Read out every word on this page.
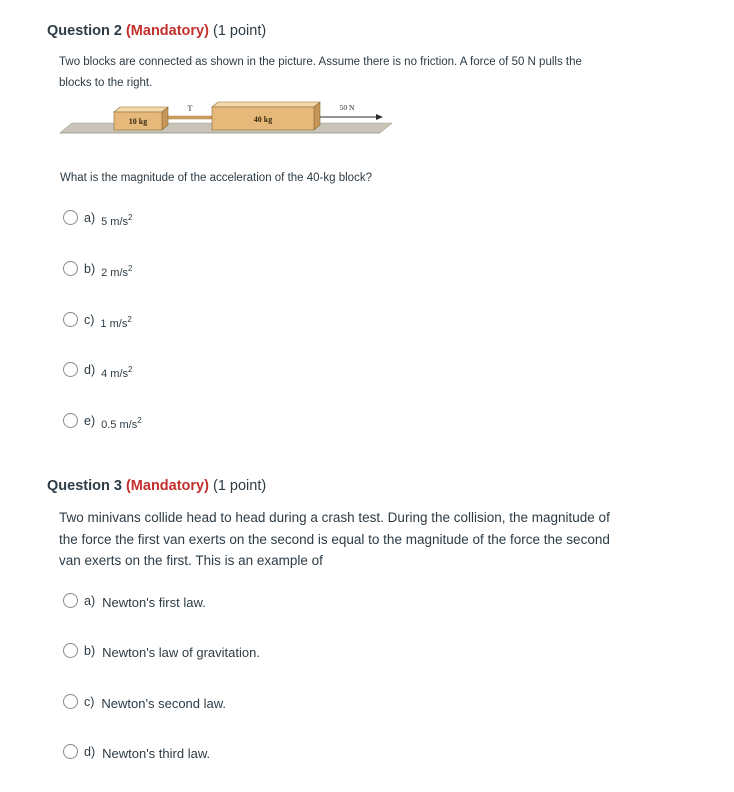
Question 2 (Mandatory) (1 point)
Two blocks are connected as shown in the picture. Assume there is no friction. A force of 50 N pulls the blocks to the right.
10 kg
T
40 kg
50 N
What is the magnitude of the acceleration of the 40-kg block?
a) 5 $m/s^2$
b) 2 $m/s^2$
c) 1 $m/s^2$
d) 4 $m/s^2$
e) 0.5 $m/s^2$
Question 3 (Mandatory) (1 point)
Two minivans collide head to head during a crash test. During the collision, the magnitude of the force the first van exerts on the second is equal to the magnitude of the force the second van exerts on the first. This is an example of
a) Newton's first law.
b) Newton's law of gravitation.
c) Newton's second law.
d) Newton's third law.
